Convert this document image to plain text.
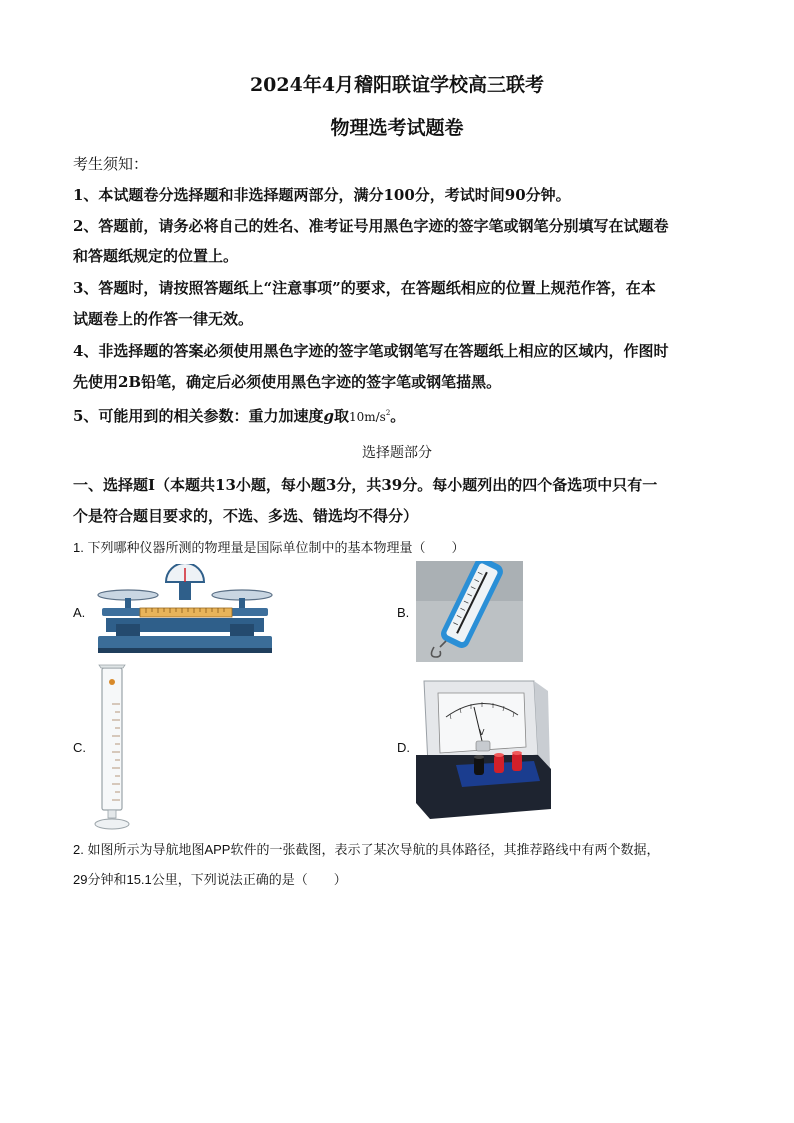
2024年4月稽阳联谊学校高三联考
物理选考试题卷
考生须知：
1、本试题卷分选择题和非选择题两部分，满分100分，考试时间90分钟。
2、答题前，请务必将自己的姓名、准考证号用黑色字迹的签字笔或钢笔分别填写在试题卷
和答题纸规定的位置上。
3、答题时，请按照答题纸上“注意事项”的要求，在答题纸相应的位置上规范作答，在本
试题卷上的作答一律无效。
4、非选择题的答案必须使用黑色字迹的签字笔或钢笔写在答题纸上相应的区域内，作图时
先使用2B铅笔，确定后必须使用黑色字迹的签字笔或钢笔描黑。
5、可能用到的相关参数：重力加速度g取$10m/s^2$。
选择题部分
一、选择题Ⅰ（本题共13小题，每小题3分，共39分。每小题列出的四个备选项中只有一
个是符合题目要求的，不选、多选、错选均不得分）
1. 下列哪种仪器所测的物理量是国际单位制中的基本物理量（　　）
A.	B.
C.	D.
V
2. 如图所示为导航地图APP软件的一张截图，表示了某次导航的具体路径，其推荐路线中有两个数据，
29分钟和15.1公里，下列说法正确的是（　　）
